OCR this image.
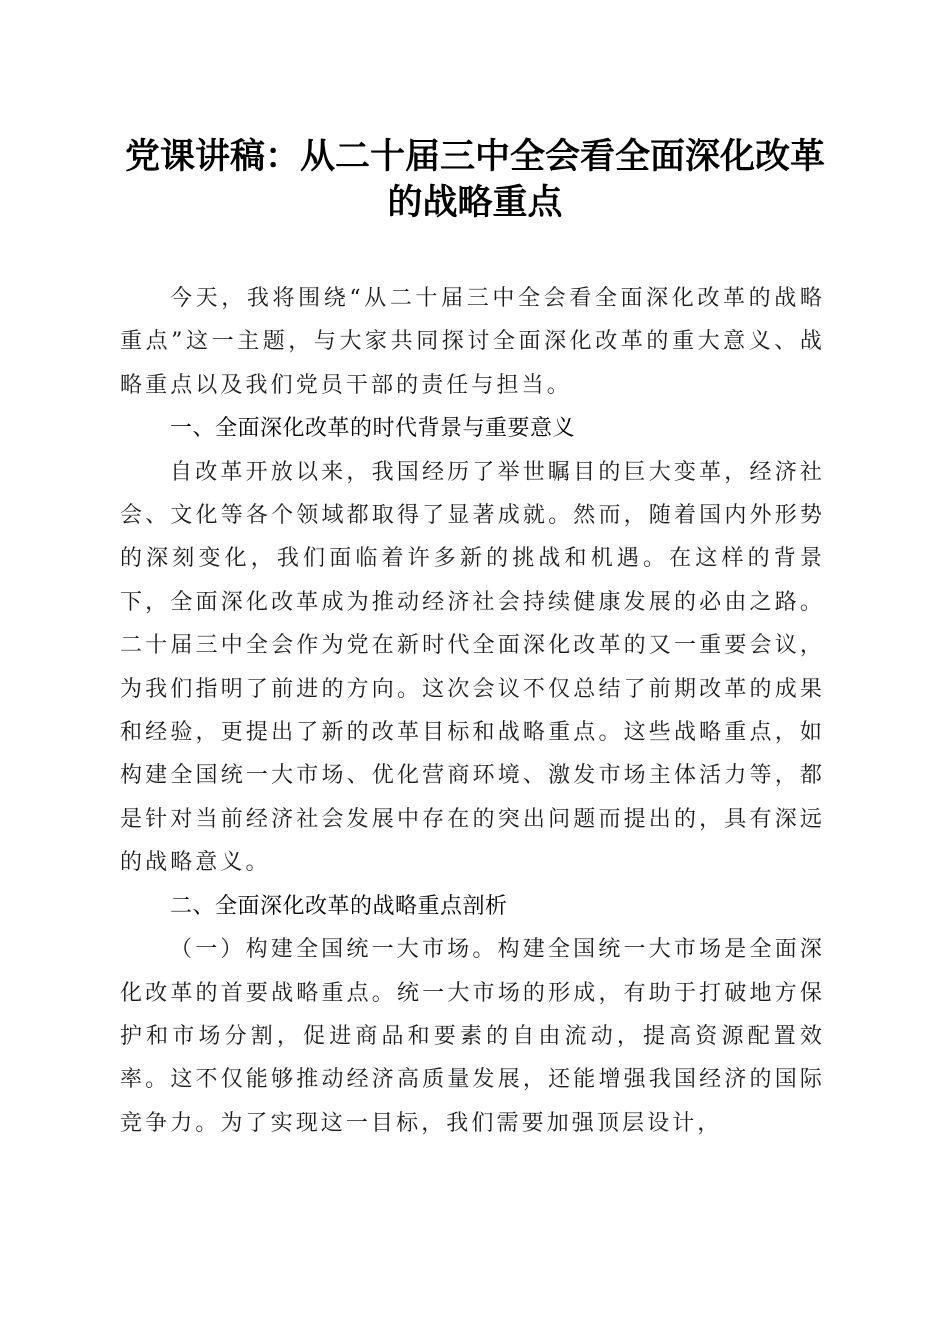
党课讲稿：从二十届三中全会看全面深化改革
的战略重点

今天，我将围绕“从二十届三中全会看全面深化改革的战略重点”这一主题，与大家共同探讨全面深化改革的重大意义、战略重点以及我们党员干部的责任与担当。

一、全面深化改革的时代背景与重要意义

自改革开放以来，我国经历了举世瞩目的巨大变革，经济社会、文化等各个领域都取得了显著成就。然而，随着国内外形势的深刻变化，我们面临着许多新的挑战和机遇。在这样的背景下，全面深化改革成为推动经济社会持续健康发展的必由之路。二十届三中全会作为党在新时代全面深化改革的又一重要会议，为我们指明了前进的方向。这次会议不仅总结了前期改革的成果和经验，更提出了新的改革目标和战略重点。这些战略重点，如构建全国统一大市场、优化营商环境、激发市场主体活力等，都是针对当前经济社会发展中存在的突出问题而提出的，具有深远的战略意义。

二、全面深化改革的战略重点剖析

（一）构建全国统一大市场。构建全国统一大市场是全面深化改革的首要战略重点。统一大市场的形成，有助于打破地方保护和市场分割，促进商品和要素的自由流动，提高资源配置效率。这不仅能够推动经济高质量发展，还能增强我国经济的国际竞争力。为了实现这一目标，我们需要加强顶层设计，
